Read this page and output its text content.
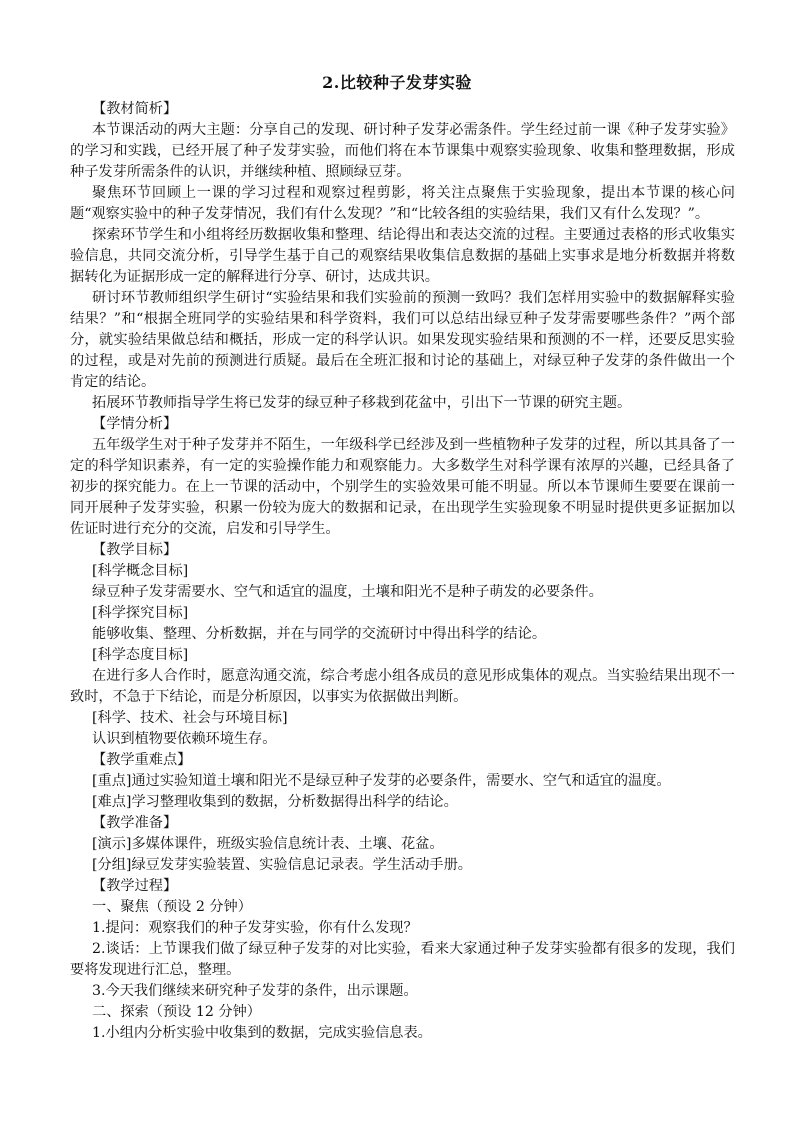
2.比较种子发芽实验

【教材简析】

本节课活动的两大主题：分享自己的发现、研讨种子发芽必需条件。学生经过前一课《种子发芽实验》的学习和实践，已经开展了种子发芽实验，而他们将在本节课集中观察实验现象、收集和整理数据，形成种子发芽所需条件的认识，并继续种植、照顾绿豆芽。

聚焦环节回顾上一课的学习过程和观察过程剪影，将关注点聚焦于实验现象，提出本节课的核心问题“观察实验中的种子发芽情况，我们有什么发现？”和“比较各组的实验结果，我们又有什么发现？”。

探索环节学生和小组将经历数据收集和整理、结论得出和表达交流的过程。主要通过表格的形式收集实验信息，共同交流分析，引导学生基于自己的观察结果收集信息数据的基础上实事求是地分析数据并将数据转化为证据形成一定的解释进行分享、研讨，达成共识。

研讨环节教师组织学生研讨“实验结果和我们实验前的预测一致吗？我们怎样用实验中的数据解释实验结果？”和“根据全班同学的实验结果和科学资料，我们可以总结出绿豆种子发芽需要哪些条件？”两个部分，就实验结果做总结和概括，形成一定的科学认识。如果发现实验结果和预测的不一样，还要反思实验的过程，或是对先前的预测进行质疑。最后在全班汇报和讨论的基础上，对绿豆种子发芽的条件做出一个肯定的结论。

拓展环节教师指导学生将已发芽的绿豆种子移栽到花盆中，引出下一节课的研究主题。

【学情分析】

五年级学生对于种子发芽并不陌生，一年级科学已经涉及到一些植物种子发芽的过程，所以其具备了一定的科学知识素养，有一定的实验操作能力和观察能力。大多数学生对科学课有浓厚的兴趣，已经具备了初步的探究能力。在上一节课的活动中，个别学生的实验效果可能不明显。所以本节课师生要要在课前一同开展种子发芽实验，积累一份较为庞大的数据和记录，在出现学生实验现象不明显时提供更多证据加以佐证时进行充分的交流，启发和引导学生。

【教学目标】

[科学概念目标]

绿豆种子发芽需要水、空气和适宜的温度，土壤和阳光不是种子萌发的必要条件。

[科学探究目标]

能够收集、整理、分析数据，并在与同学的交流研讨中得出科学的结论。

[科学态度目标]

在进行多人合作时，愿意沟通交流，综合考虑小组各成员的意见形成集体的观点。当实验结果出现不一致时，不急于下结论，而是分析原因，以事实为依据做出判断。

[科学、技术、社会与环境目标]

认识到植物要依赖环境生存。

【教学重难点】

[重点]通过实验知道土壤和阳光不是绿豆种子发芽的必要条件，需要水、空气和适宜的温度。

[难点]学习整理收集到的数据，分析数据得出科学的结论。

【教学准备】

[演示]多媒体课件，班级实验信息统计表、土壤、花盆。

[分组]绿豆发芽实验装置、实验信息记录表。学生活动手册。

【教学过程】

一、聚焦（预设 2 分钟）

1.提问：观察我们的种子发芽实验，你有什么发现？

2.谈话：上节课我们做了绿豆种子发芽的对比实验，看来大家通过种子发芽实验都有很多的发现，我们要将发现进行汇总，整理。

3.今天我们继续来研究种子发芽的条件，出示课题。

二、探索（预设 12 分钟）

1.小组内分析实验中收集到的数据，完成实验信息表。
